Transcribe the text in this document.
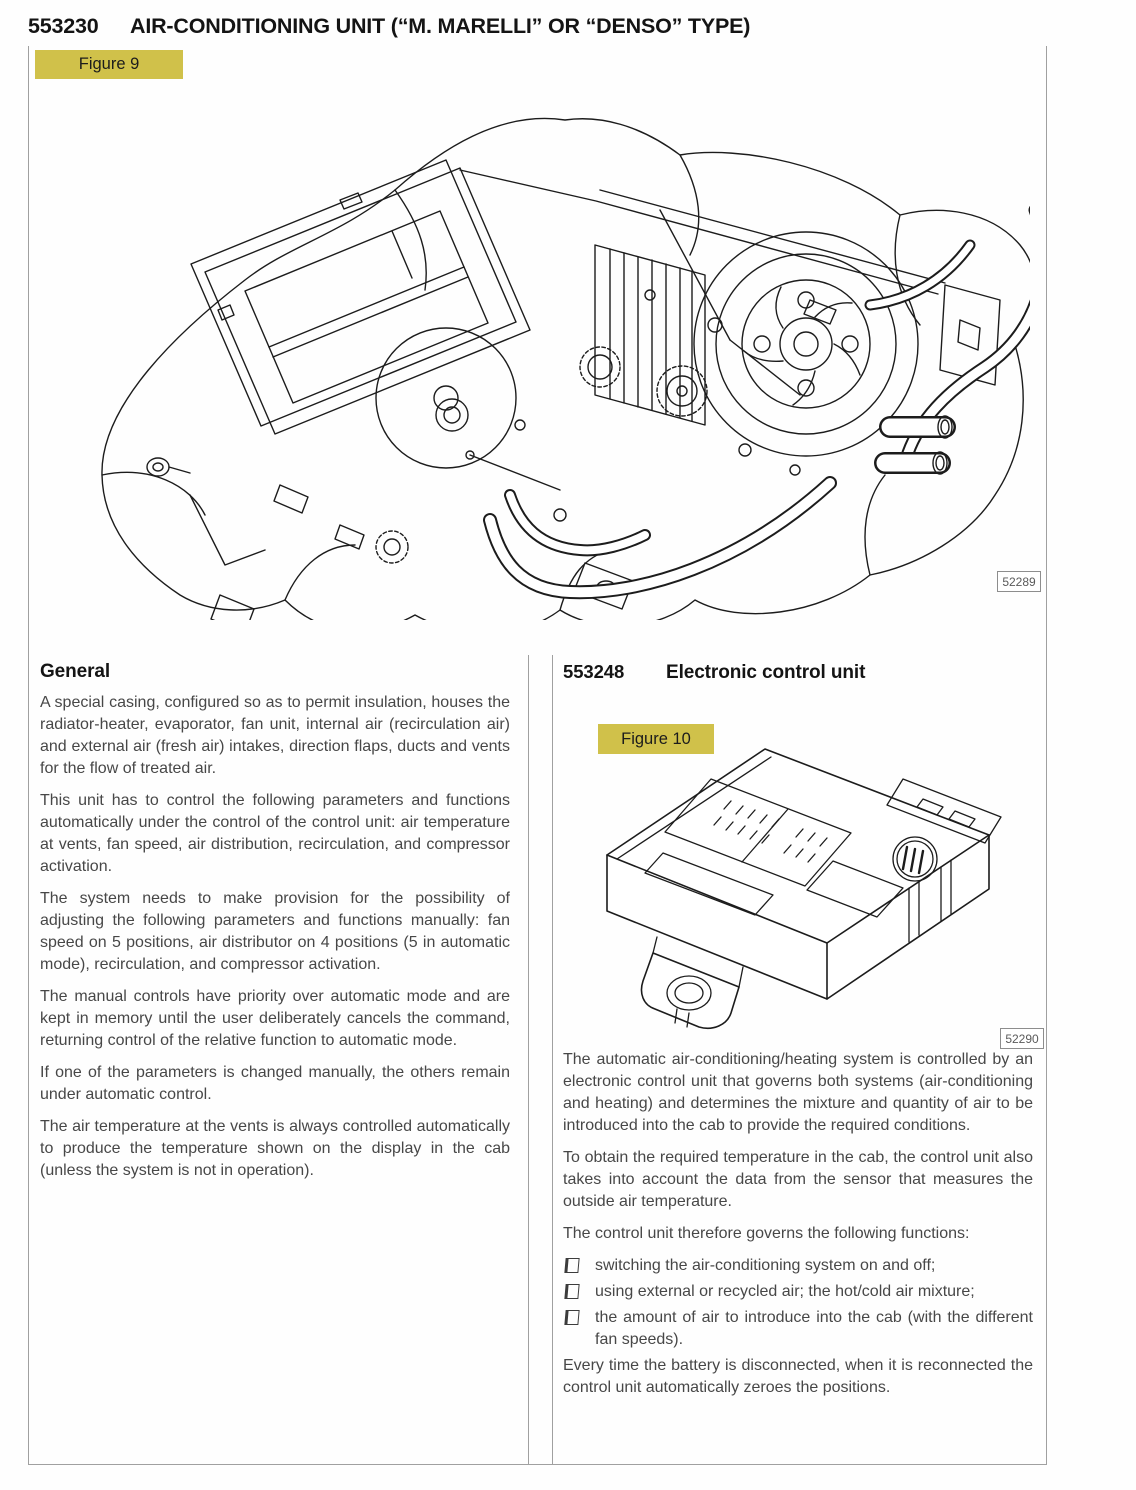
553230 AIR-CONDITIONING UNIT (“M. MARELLI” OR “DENSO” TYPE)
Figure 9
52289
General

A special casing, configured so as to permit insulation, houses the radiator-heater, evaporator, fan unit, internal air (recirculation air) and external air (fresh air) intakes, direction flaps, ducts and vents for the flow of treated air.

This unit has to control the following parameters and functions automatically under the control of the control unit: air temperature at vents, fan speed, air distribution, recirculation, and compressor activation.

The system needs to make provision for the possibility of adjusting the following parameters and functions manually: fan speed on 5 positions, air distributor on 4 positions (5 in automatic mode), recirculation, and compressor activation.

The manual controls have priority over automatic mode and are kept in memory until the user deliberately cancels the command, returning control of the relative function to automatic mode.

If one of the parameters is changed manually, the others remain under automatic control.

The air temperature at the vents is always controlled automatically to produce the temperature shown on the display in the cab (unless the system is not in operation).

553248 Electronic control unit
52290

The automatic air-conditioning/heating system is controlled by an electronic control unit that governs both systems (air-conditioning and heating) and determines the mixture and quantity of air to be introduced into the cab to provide the required conditions.

To obtain the required temperature in the cab, the control unit also takes into account the data from the sensor that measures the outside air temperature.

The control unit therefore governs the following functions:

switching the air-conditioning system on and off;
using external or recycled air; the hot/cold air mixture;
the amount of air to introduce into the cab (with the different fan speeds).

Every time the battery is disconnected, when it is reconnected the control unit automatically zeroes the positions.

Figure 10
